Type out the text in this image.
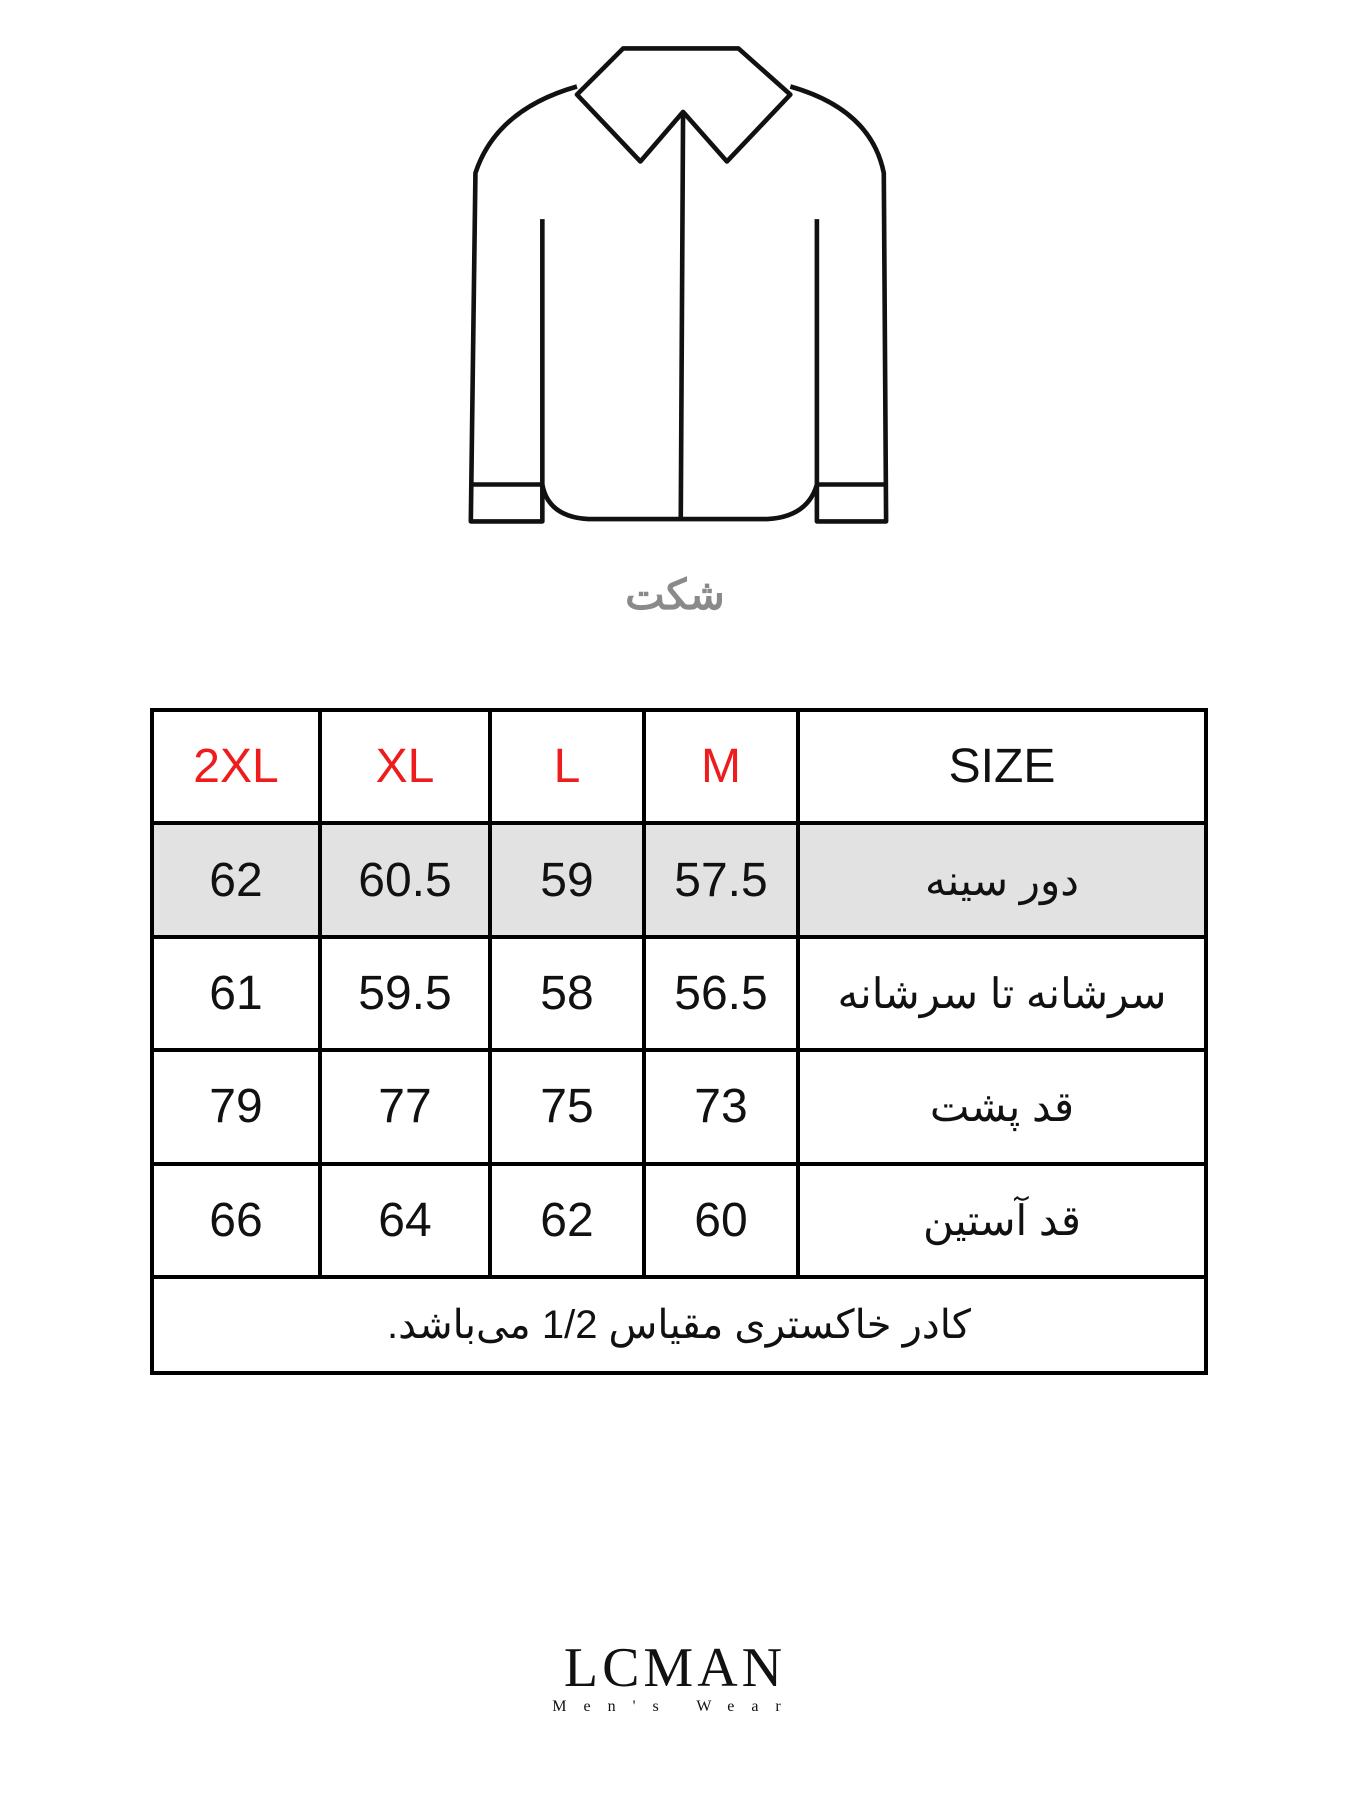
شکت
2XL	XL	L	M	SIZE
62	60.5	59	57.5	دور سینه
61	59.5	58	56.5	سرشانه تا سرشانه
79	77	75	73	قد پشت
66	64	62	60	قد آستین
کادر خاکستری مقیاس 1/2 می‌باشد.				
LCMAN
Men's Wear
